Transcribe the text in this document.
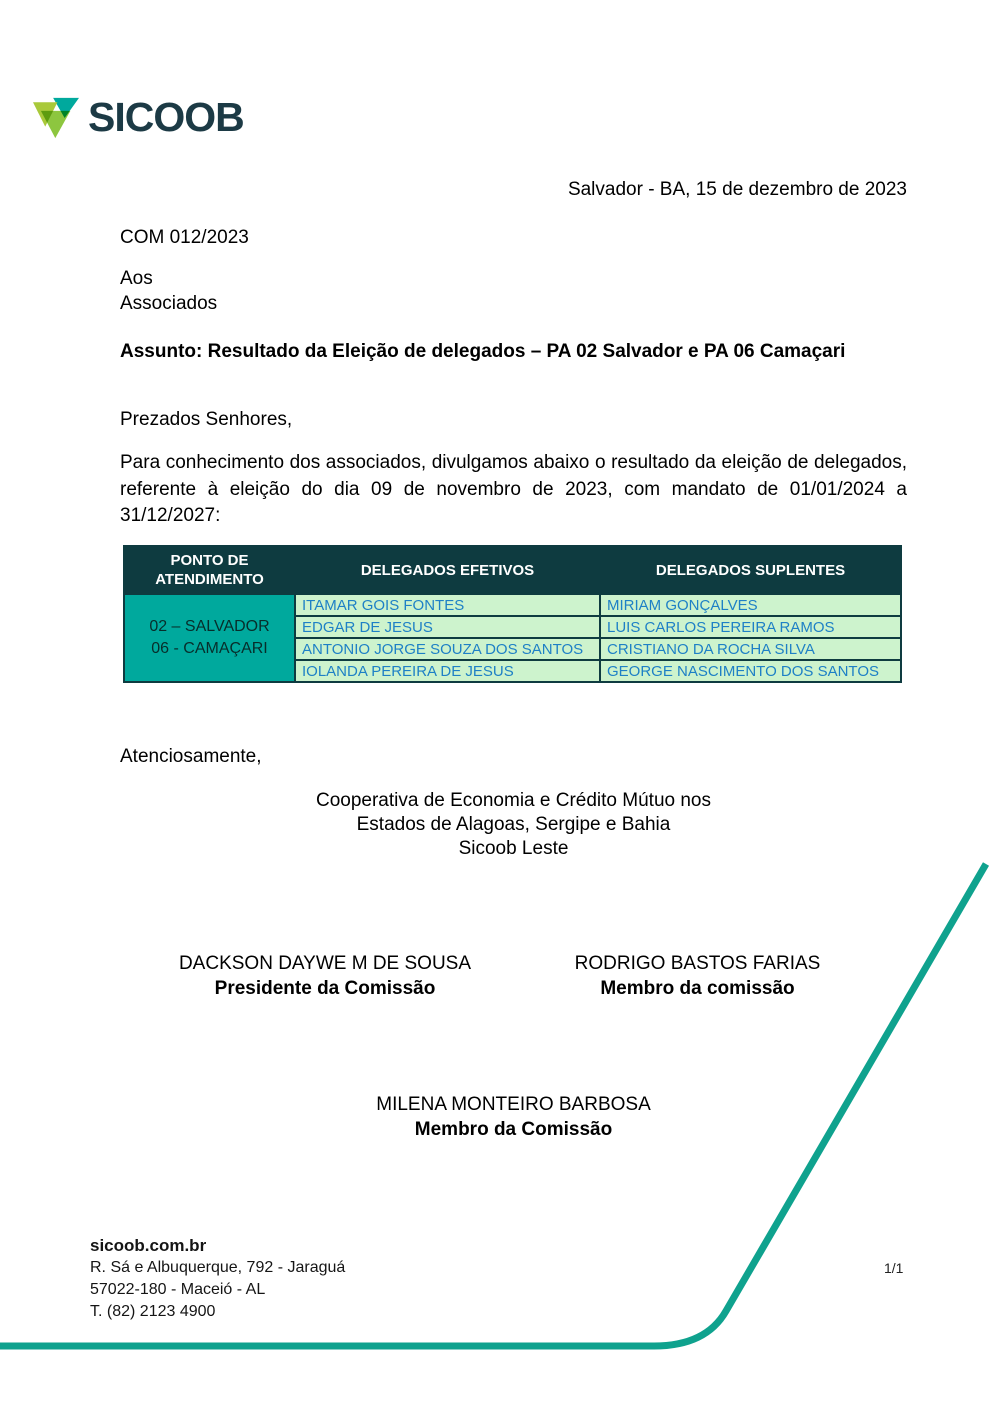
SICOOB
Salvador - BA, 15 de dezembro de 2023
COM 012/2023
Aos
Associados
Assunto: Resultado da Eleição de delegados – PA 02 Salvador e PA 06 Camaçari
Prezados Senhores,
Para conhecimento dos associados, divulgamos abaixo o resultado da eleição de delegados, referente à eleição do dia 09 de novembro de 2023, com mandato de 01/01/2024 a 31/12/2027:
PONTO DE ATENDIMENTO	DELEGADOS EFETIVOS	DELEGADOS SUPLENTES

02 – SALVADOR
06 - CAMAÇARI	ITAMAR GOIS FONTES	MIRIAM GONÇALVES
	EDGAR DE JESUS	LUIS CARLOS PEREIRA RAMOS
	ANTONIO JORGE SOUZA DOS SANTOS	CRISTIANO DA ROCHA SILVA
	IOLANDA PEREIRA DE JESUS	GEORGE NASCIMENTO DOS SANTOS
Atenciosamente,
Cooperativa de Economia e Crédito Mútuo nos
Estados de Alagoas, Sergipe e Bahia
Sicoob Leste
DACKSON DAYWE M DE SOUSA
Presidente da Comissão
RODRIGO BASTOS FARIAS
Membro da comissão
MILENA MONTEIRO BARBOSA
Membro da Comissão
sicoob.com.br
R. Sá e Albuquerque, 792 - Jaraguá
57022-180 - Maceió - AL
T. (82) 2123 4900
1/1
